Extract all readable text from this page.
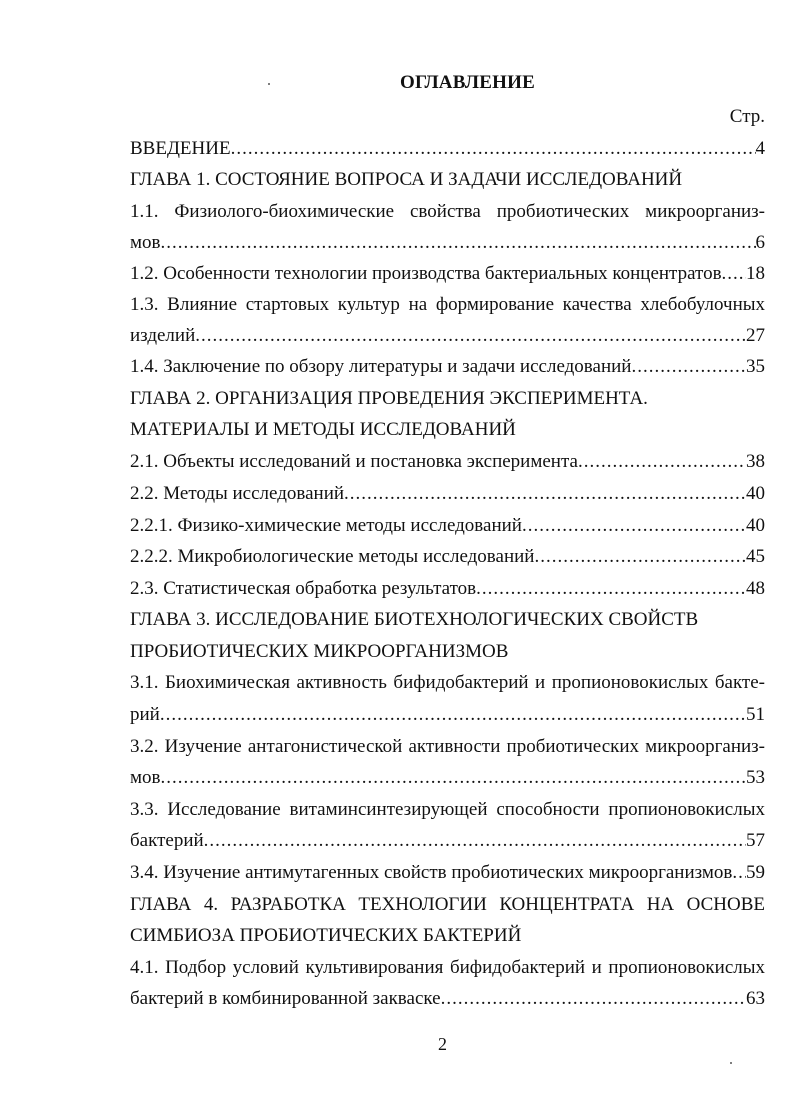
ОГЛАВЛЕНИЕ
Стр.
ВВЕДЕНИЕ .....	4
ГЛАВА 1. СОСТОЯНИЕ ВОПРОСА И ЗАДАЧИ ИССЛЕДОВАНИЙ
1.1. Физиолого-биохимические свойства пробиотических микроорганиз-
мов .....	6
1.2. Особенности технологии производства бактериальных концентратов ..... 18
1.3. Влияние стартовых культур на формирование качества хлебобулочных
изделий .....	27
1.4. Заключение по обзору литературы и задачи исследований .....	35
ГЛАВА 2. ОРГАНИЗАЦИЯ ПРОВЕДЕНИЯ ЭКСПЕРИМЕНТА.
МАТЕРИАЛЫ И МЕТОДЫ ИССЛЕДОВАНИЙ
2.1. Объекты исследований и постановка эксперимента .....	38
2.2. Методы исследований .....	40
2.2.1. Физико-химические методы исследований .....	40
2.2.2. Микробиологические методы исследований .....	45
2.3. Статистическая обработка результатов .....	48
ГЛАВА 3. ИССЛЕДОВАНИЕ БИОТЕХНОЛОГИЧЕСКИХ СВОЙСТВ
ПРОБИОТИЧЕСКИХ МИКРООРГАНИЗМОВ
3.1. Биохимическая активность бифидобактерий и пропионовокислых бакте-
рий .....	51
3.2. Изучение антагонистической активности пробиотических микроорганиз-
мов .....	53
3.3. Исследование витаминсинтезирующей способности пропионовокислых
бактерий .....	57
3.4. Изучение антимутагенных свойств пробиотических микроорганизмов ..... 59
ГЛАВА 4. РАЗРАБОТКА ТЕХНОЛОГИИ КОНЦЕНТРАТА НА ОСНОВЕ
СИМБИОЗА ПРОБИОТИЧЕСКИХ БАКТЕРИЙ
4.1. Подбор условий культивирования бифидобактерий и пропионовокислых
бактерий в комбинированной закваске .....	63
2
